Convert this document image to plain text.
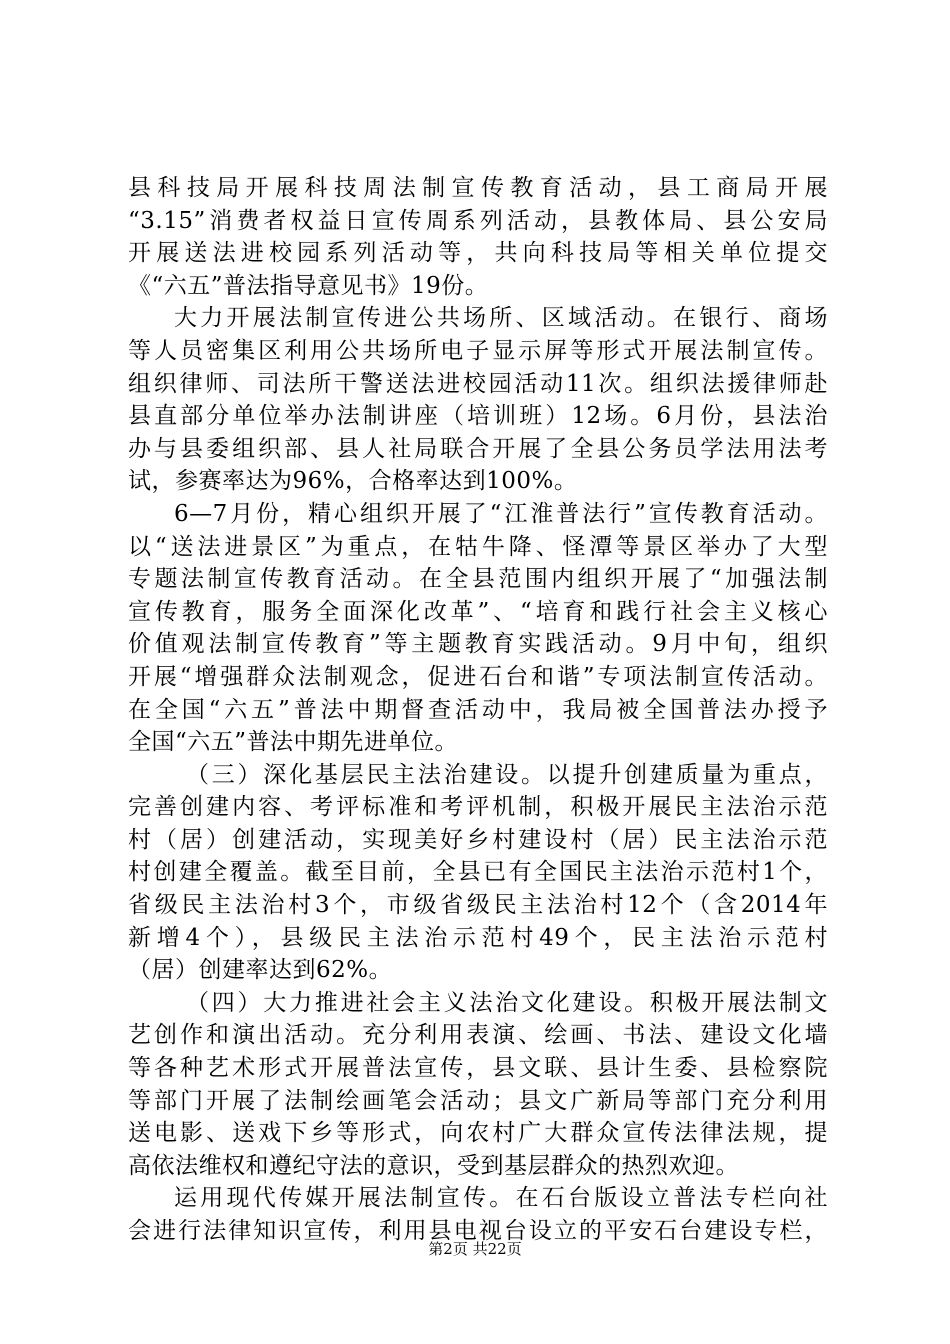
县科技局开展科技周法制宣传教育活动，县工商局开展
“3.15”消费者权益日宣传周系列活动，县教体局、县公安局
开展送法进校园系列活动等，共向科技局等相关单位提交
《“六五”普法指导意见书》19份。
大力开展法制宣传进公共场所、区域活动。在银行、商场
等人员密集区利用公共场所电子显示屏等形式开展法制宣传。
组织律师、司法所干警送法进校园活动11次。组织法援律师赴
县直部分单位举办法制讲座（培训班）12场。6月份，县法治
办与县委组织部、县人社局联合开展了全县公务员学法用法考
试，参赛率达为96%，合格率达到100%。
6—7月份，精心组织开展了“江淮普法行”宣传教育活动。
以“送法进景区”为重点，在牯牛降、怪潭等景区举办了大型
专题法制宣传教育活动。在全县范围内组织开展了“加强法制
宣传教育，服务全面深化改革”、“培育和践行社会主义核心
价值观法制宣传教育”等主题教育实践活动。9月中旬，组织
开展“增强群众法制观念，促进石台和谐”专项法制宣传活动。
在全国“六五”普法中期督查活动中，我局被全国普法办授予
全国“六五”普法中期先进单位。
（三）深化基层民主法治建设。以提升创建质量为重点，
完善创建内容、考评标准和考评机制，积极开展民主法治示范
村（居）创建活动，实现美好乡村建设村（居）民主法治示范
村创建全覆盖。截至目前，全县已有全国民主法治示范村1个，
省级民主法治村3个，市级省级民主法治村12个（含2014年
新增4个），县级民主法治示范村49个，民主法治示范村
（居）创建率达到62%。
（四）大力推进社会主义法治文化建设。积极开展法制文
艺创作和演出活动。充分利用表演、绘画、书法、建设文化墙
等各种艺术形式开展普法宣传，县文联、县计生委、县检察院
等部门开展了法制绘画笔会活动；县文广新局等部门充分利用
送电影、送戏下乡等形式，向农村广大群众宣传法律法规，提
高依法维权和遵纪守法的意识，受到基层群众的热烈欢迎。
运用现代传媒开展法制宣传。在石台版设立普法专栏向社
会进行法律知识宣传，利用县电视台设立的平安石台建设专栏，
第2页 共22页
